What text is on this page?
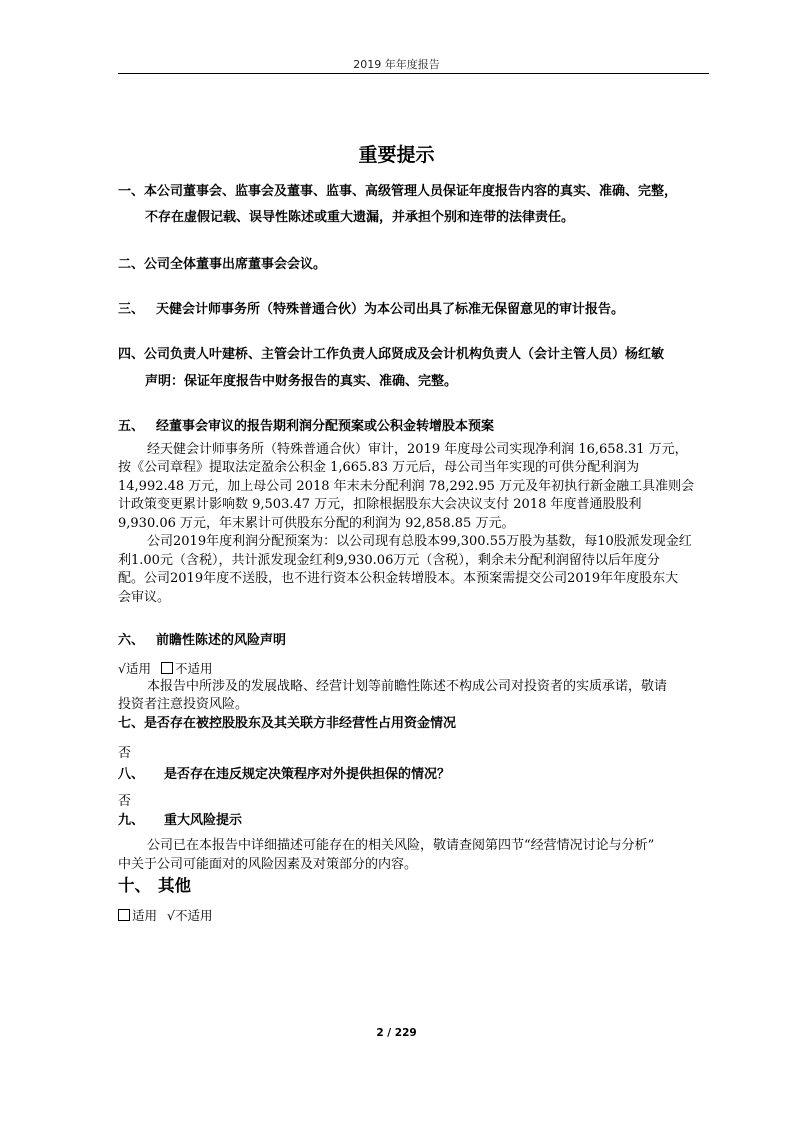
2019 年年度报告
重要提示
一、本公司董事会、监事会及董事、监事、高级管理人员保证年度报告内容的真实、准确、完整，
不存在虚假记载、误导性陈述或重大遗漏，并承担个别和连带的法律责任。
二、公司全体董事出席董事会会议。
三、 天健会计师事务所（特殊普通合伙）为本公司出具了标准无保留意见的审计报告。
四、公司负责人叶建桥、主管会计工作负责人邱贤成及会计机构负责人（会计主管人员）杨红敏
声明：保证年度报告中财务报告的真实、准确、完整。
五、 经董事会审议的报告期利润分配预案或公积金转增股本预案
经天健会计师事务所（特殊普通合伙）审计，2019 年度母公司实现净利润 16,658.31 万元，
按《公司章程》提取法定盈余公积金 1,665.83 万元后，母公司当年实现的可供分配利润为
14,992.48 万元，加上母公司 2018 年末未分配利润 78,292.95 万元及年初执行新金融工具准则会
计政策变更累计影响数 9,503.47 万元，扣除根据股东大会决议支付 2018 年度普通股股利
9,930.06 万元，年末累计可供股东分配的利润为 92,858.85 万元。
公司2019年度利润分配预案为：以公司现有总股本99,300.55万股为基数，每10股派发现金红
利1.00元（含税），共计派发现金红利9,930.06万元（含税），剩余未分配利润留待以后年度分
配。公司2019年度不送股，也不进行资本公积金转增股本。本预案需提交公司2019年年度股东大
会审议。
六、 前瞻性陈述的风险声明
√适用 不适用
本报告中所涉及的发展战略、经营计划等前瞻性陈述不构成公司对投资者的实质承诺，敬请
投资者注意投资风险。
七、是否存在被控股股东及其关联方非经营性占用资金情况
否
八、 是否存在违反规定决策程序对外提供担保的情况？
否
九、 重大风险提示
公司已在本报告中详细描述可能存在的相关风险，敬请查阅第四节“经营情况讨论与分析”
中关于公司可能面对的风险因素及对策部分的内容。
十、 其他
适用 √不适用
2 / 229
